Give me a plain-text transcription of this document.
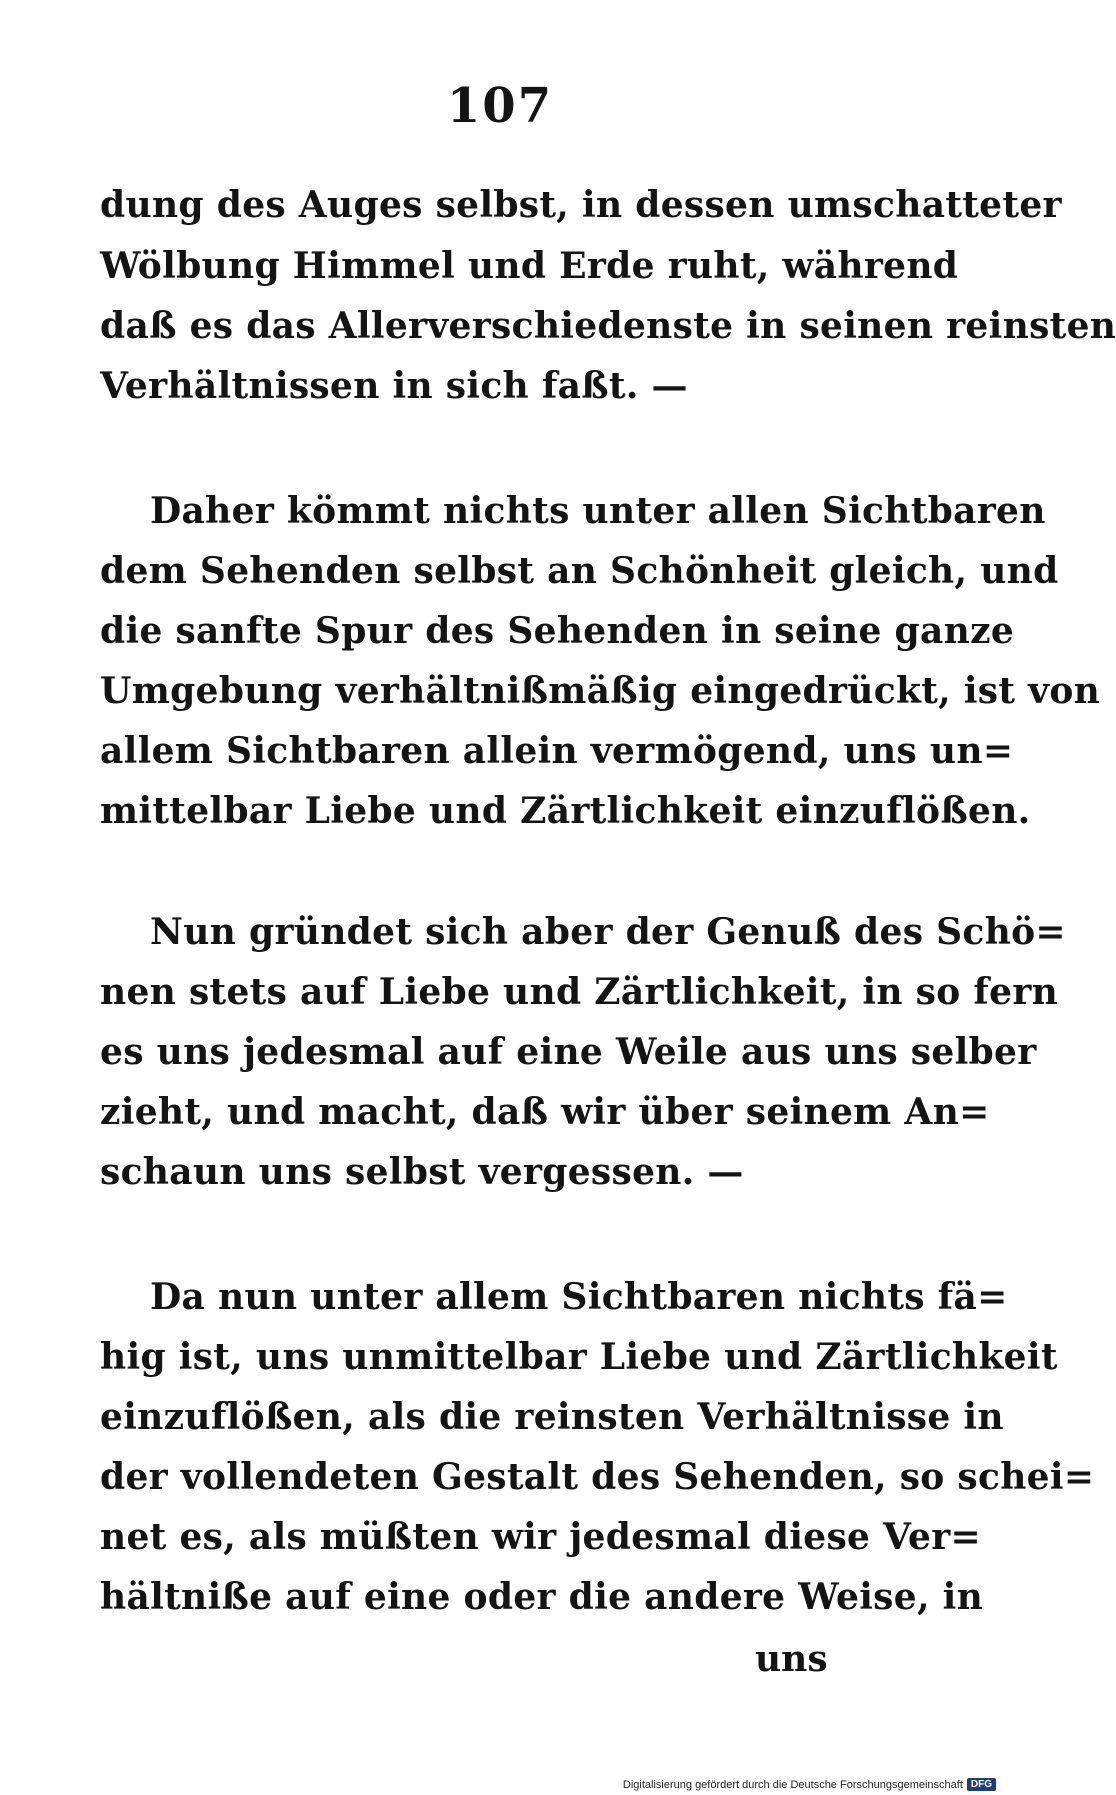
107
dung des Auges selbst, in dessen umschatteter
Wölbung Himmel und Erde ruht, während
daß es das Allerverschiedenste in seinen reinsten
Verhältnissen in sich faßt. —
Daher kömmt nichts unter allen Sichtbaren
dem Sehenden selbst an Schönheit gleich, und
die sanfte Spur des Sehenden in seine ganze
Umgebung verhältnißmäßig eingedrückt, ist von
allem Sichtbaren allein vermögend, uns un=
mittelbar Liebe und Zärtlichkeit einzuflößen.
Nun gründet sich aber der Genuß des Schö=
nen stets auf Liebe und Zärtlichkeit, in so fern
es uns jedesmal auf eine Weile aus uns selber
zieht, und macht, daß wir über seinem An=
schaun uns selbst vergessen. —
Da nun unter allem Sichtbaren nichts fä=
hig ist, uns unmittelbar Liebe und Zärtlichkeit
einzuflößen, als die reinsten Verhältnisse in
der vollendeten Gestalt des Sehenden, so schei=
net es, als müßten wir jedesmal diese Ver=
hältniße auf eine oder die andere Weise, in
uns
Digitalisierung gefördert durch die Deutsche Forschungsgemeinschaft DFG
